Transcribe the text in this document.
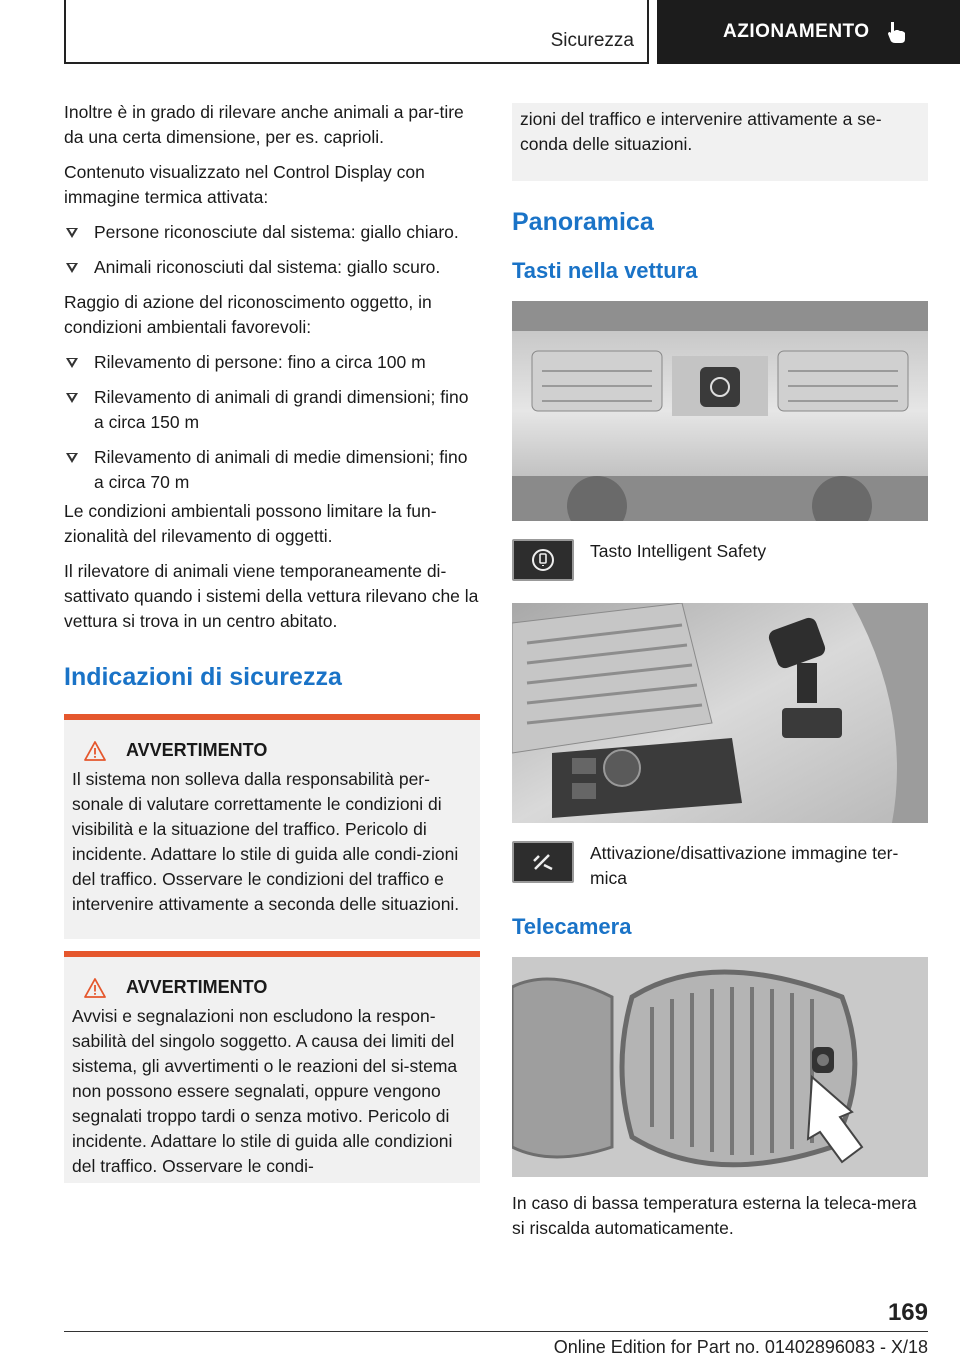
Sicurezza	AZIONAMENTO

Inoltre è in grado di rilevare anche animali a par-tire da una certa dimensione, per es. caprioli.

Contenuto visualizzato nel Control Display con immagine termica attivata:

Persone riconosciute dal sistema: giallo chiaro.
Animali riconosciuti dal sistema: giallo scuro.

Raggio di azione del riconoscimento oggetto, in condizioni ambientali favorevoli:

Rilevamento di persone: fino a circa 100 m
Rilevamento di animali di grandi dimensioni; fino a circa 150 m
Rilevamento di animali di medie dimensioni; fino a circa 70 m

Le condizioni ambientali possono limitare la fun-zionalità del rilevamento di oggetti.

Il rilevatore di animali viene temporaneamente di-sattivato quando i sistemi della vettura rilevano che la vettura si trova in un centro abitato.

Indicazioni di sicurezza
AVVERTIMENTO

Il sistema non solleva dalla responsabilità per-sonale di valutare correttamente le condizioni di visibilità e la situazione del traffico. Pericolo di incidente. Adattare lo stile di guida alle condi-zioni del traffico. Osservare le condizioni del traffico e intervenire attivamente a seconda delle situazioni.

AVVERTIMENTO

Avvisi e segnalazioni non escludono la respon-sabilità del singolo soggetto. A causa dei limiti del sistema, gli avvertimenti o le reazioni del si-stema non possono essere segnalati, oppure vengono segnalati troppo tardi o senza motivo. Pericolo di incidente. Adattare lo stile di guida alle condizioni del traffico. Osservare le condi-

zioni del traffico e intervenire attivamente a se-conda delle situazioni.

Panoramica
Tasti nella vettura

Tasto Intelligent Safety

Attivazione/disattivazione immagine ter-mica

Telecamera

In caso di bassa temperatura esterna la teleca-mera si riscalda automaticamente.

169
Online Edition for Part no. 01402896083 - X/18
